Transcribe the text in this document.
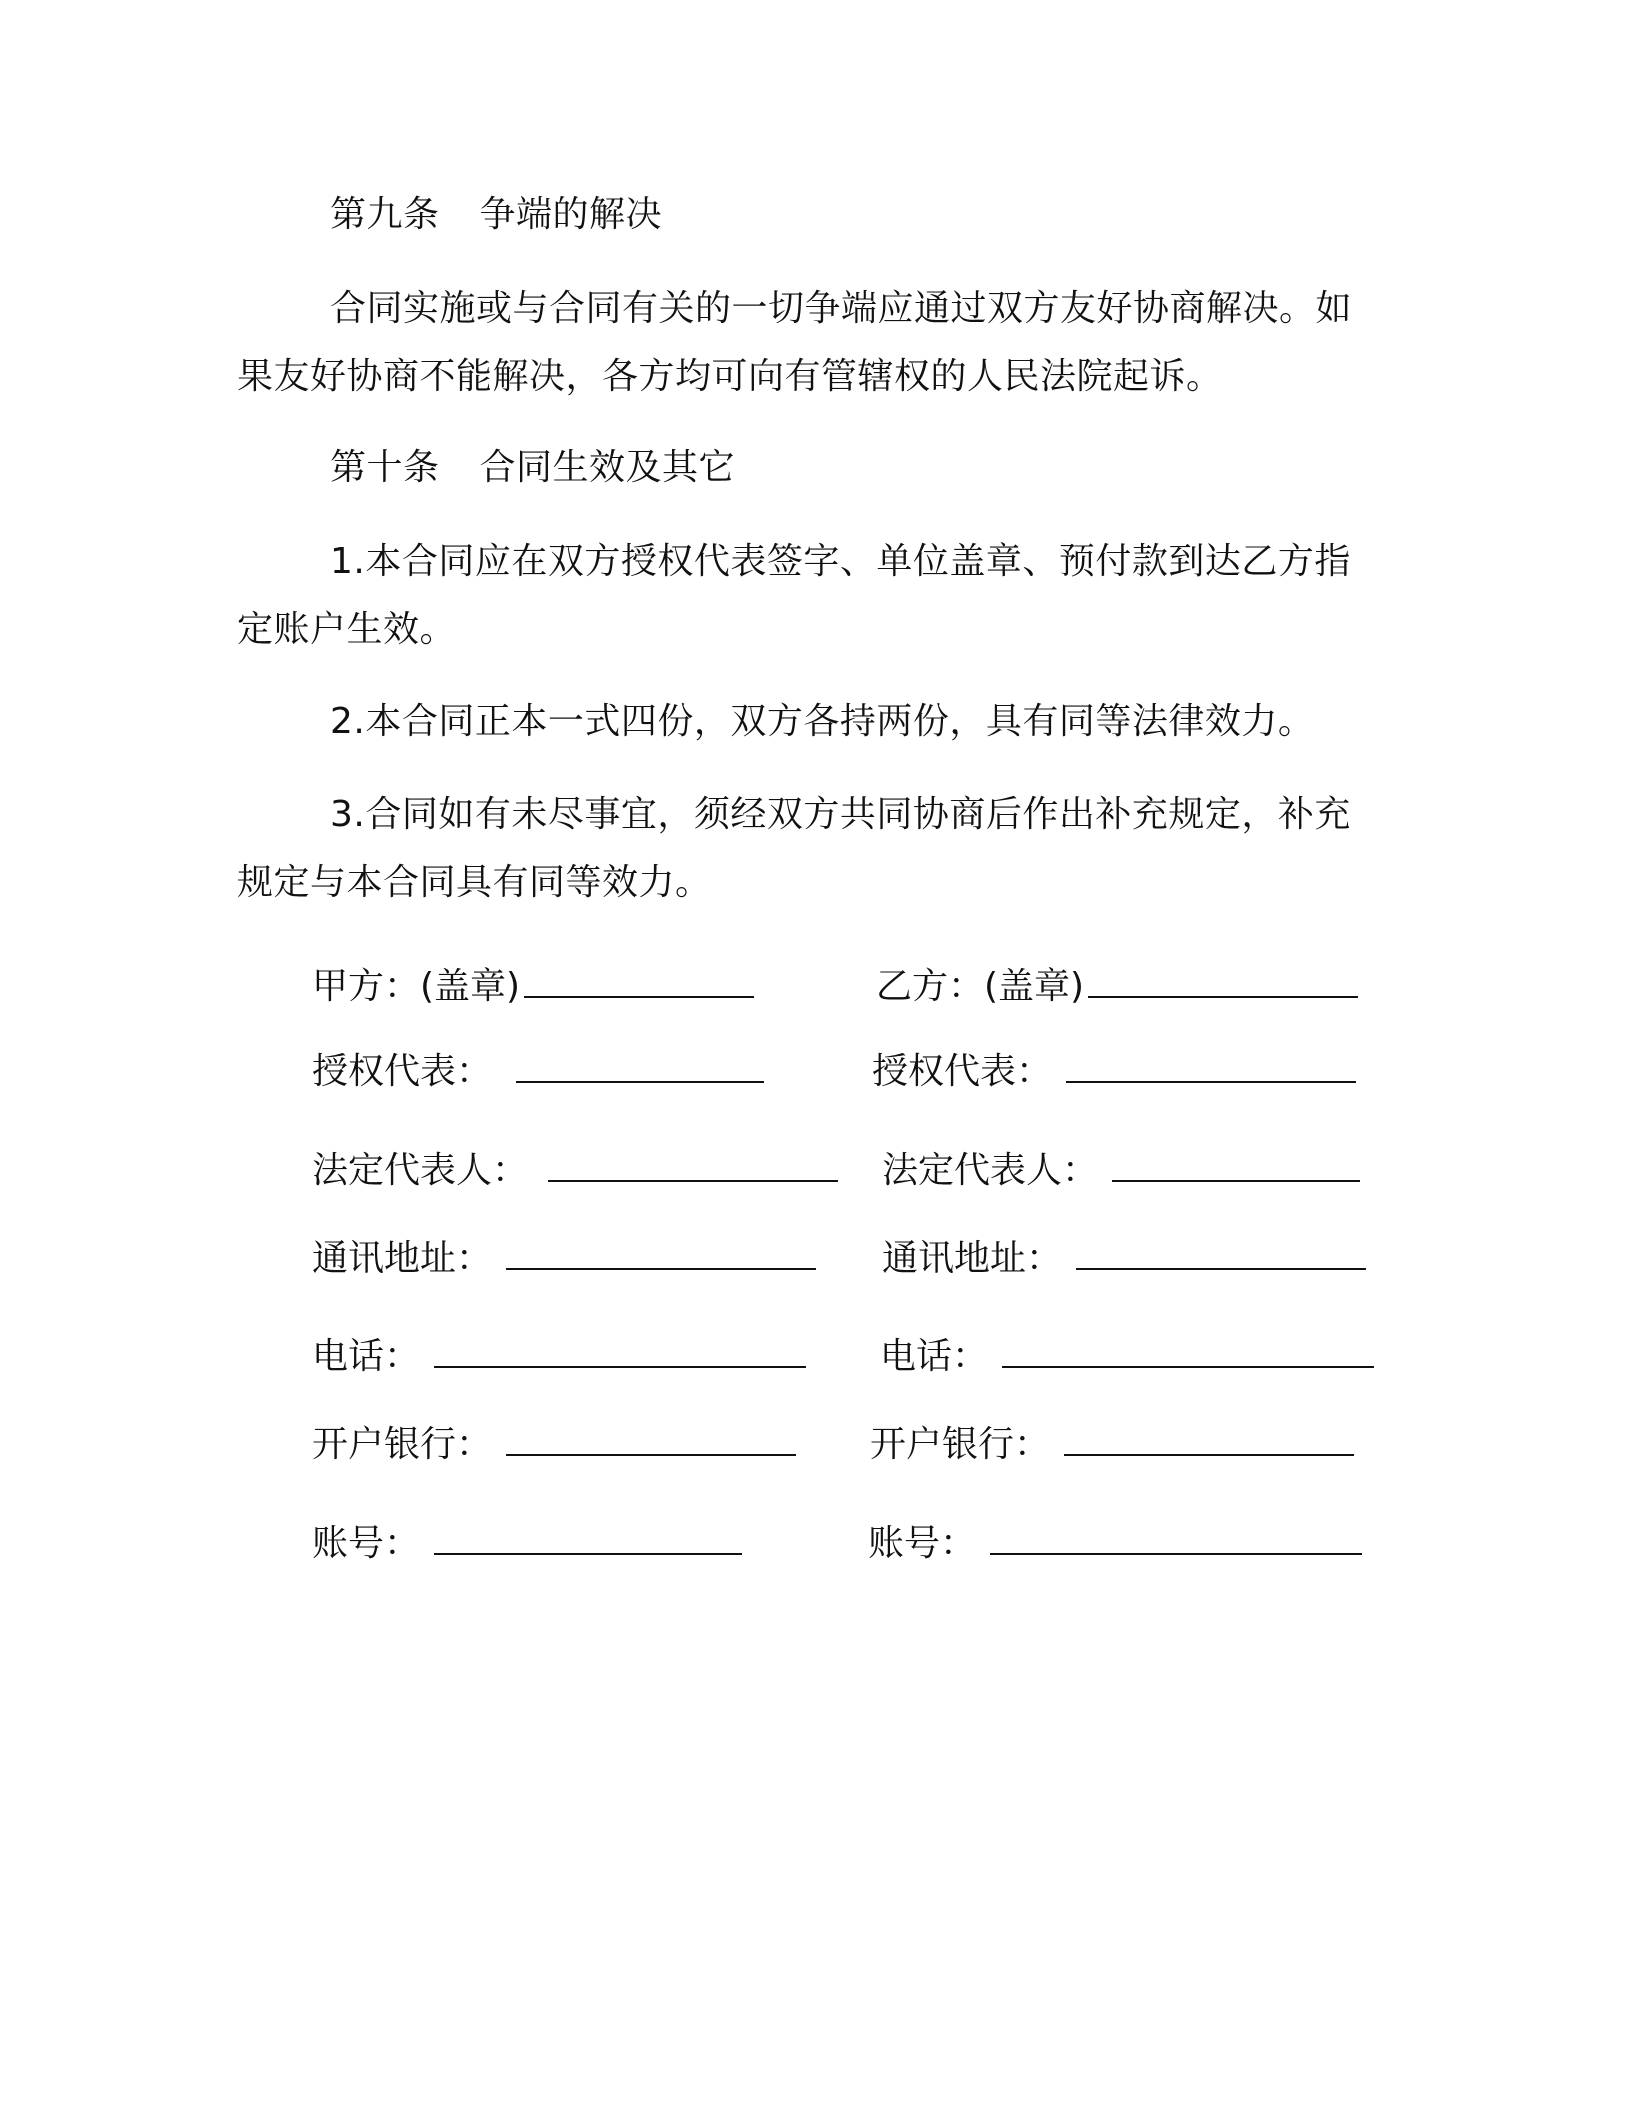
第九条 争端的解决
合同实施或与合同有关的一切争端应通过双方友好协商解决。如
果友好协商不能解决，各方均可向有管辖权的人民法院起诉。
第十条 合同生效及其它
1.本合同应在双方授权代表签字、单位盖章、预付款到达乙方指
定账户生效。
2.本合同正本一式四份，双方各持两份，具有同等法律效力。
3.合同如有未尽事宜，须经双方共同协商后作出补充规定，补充
规定与本合同具有同等效力。
甲方：(盖章)
授权代表：
法定代表人：
通讯地址：
电话：
开户银行：
账号：
乙方：(盖章)
授权代表：
法定代表人：
通讯地址：
电话：
开户银行：
账号：
